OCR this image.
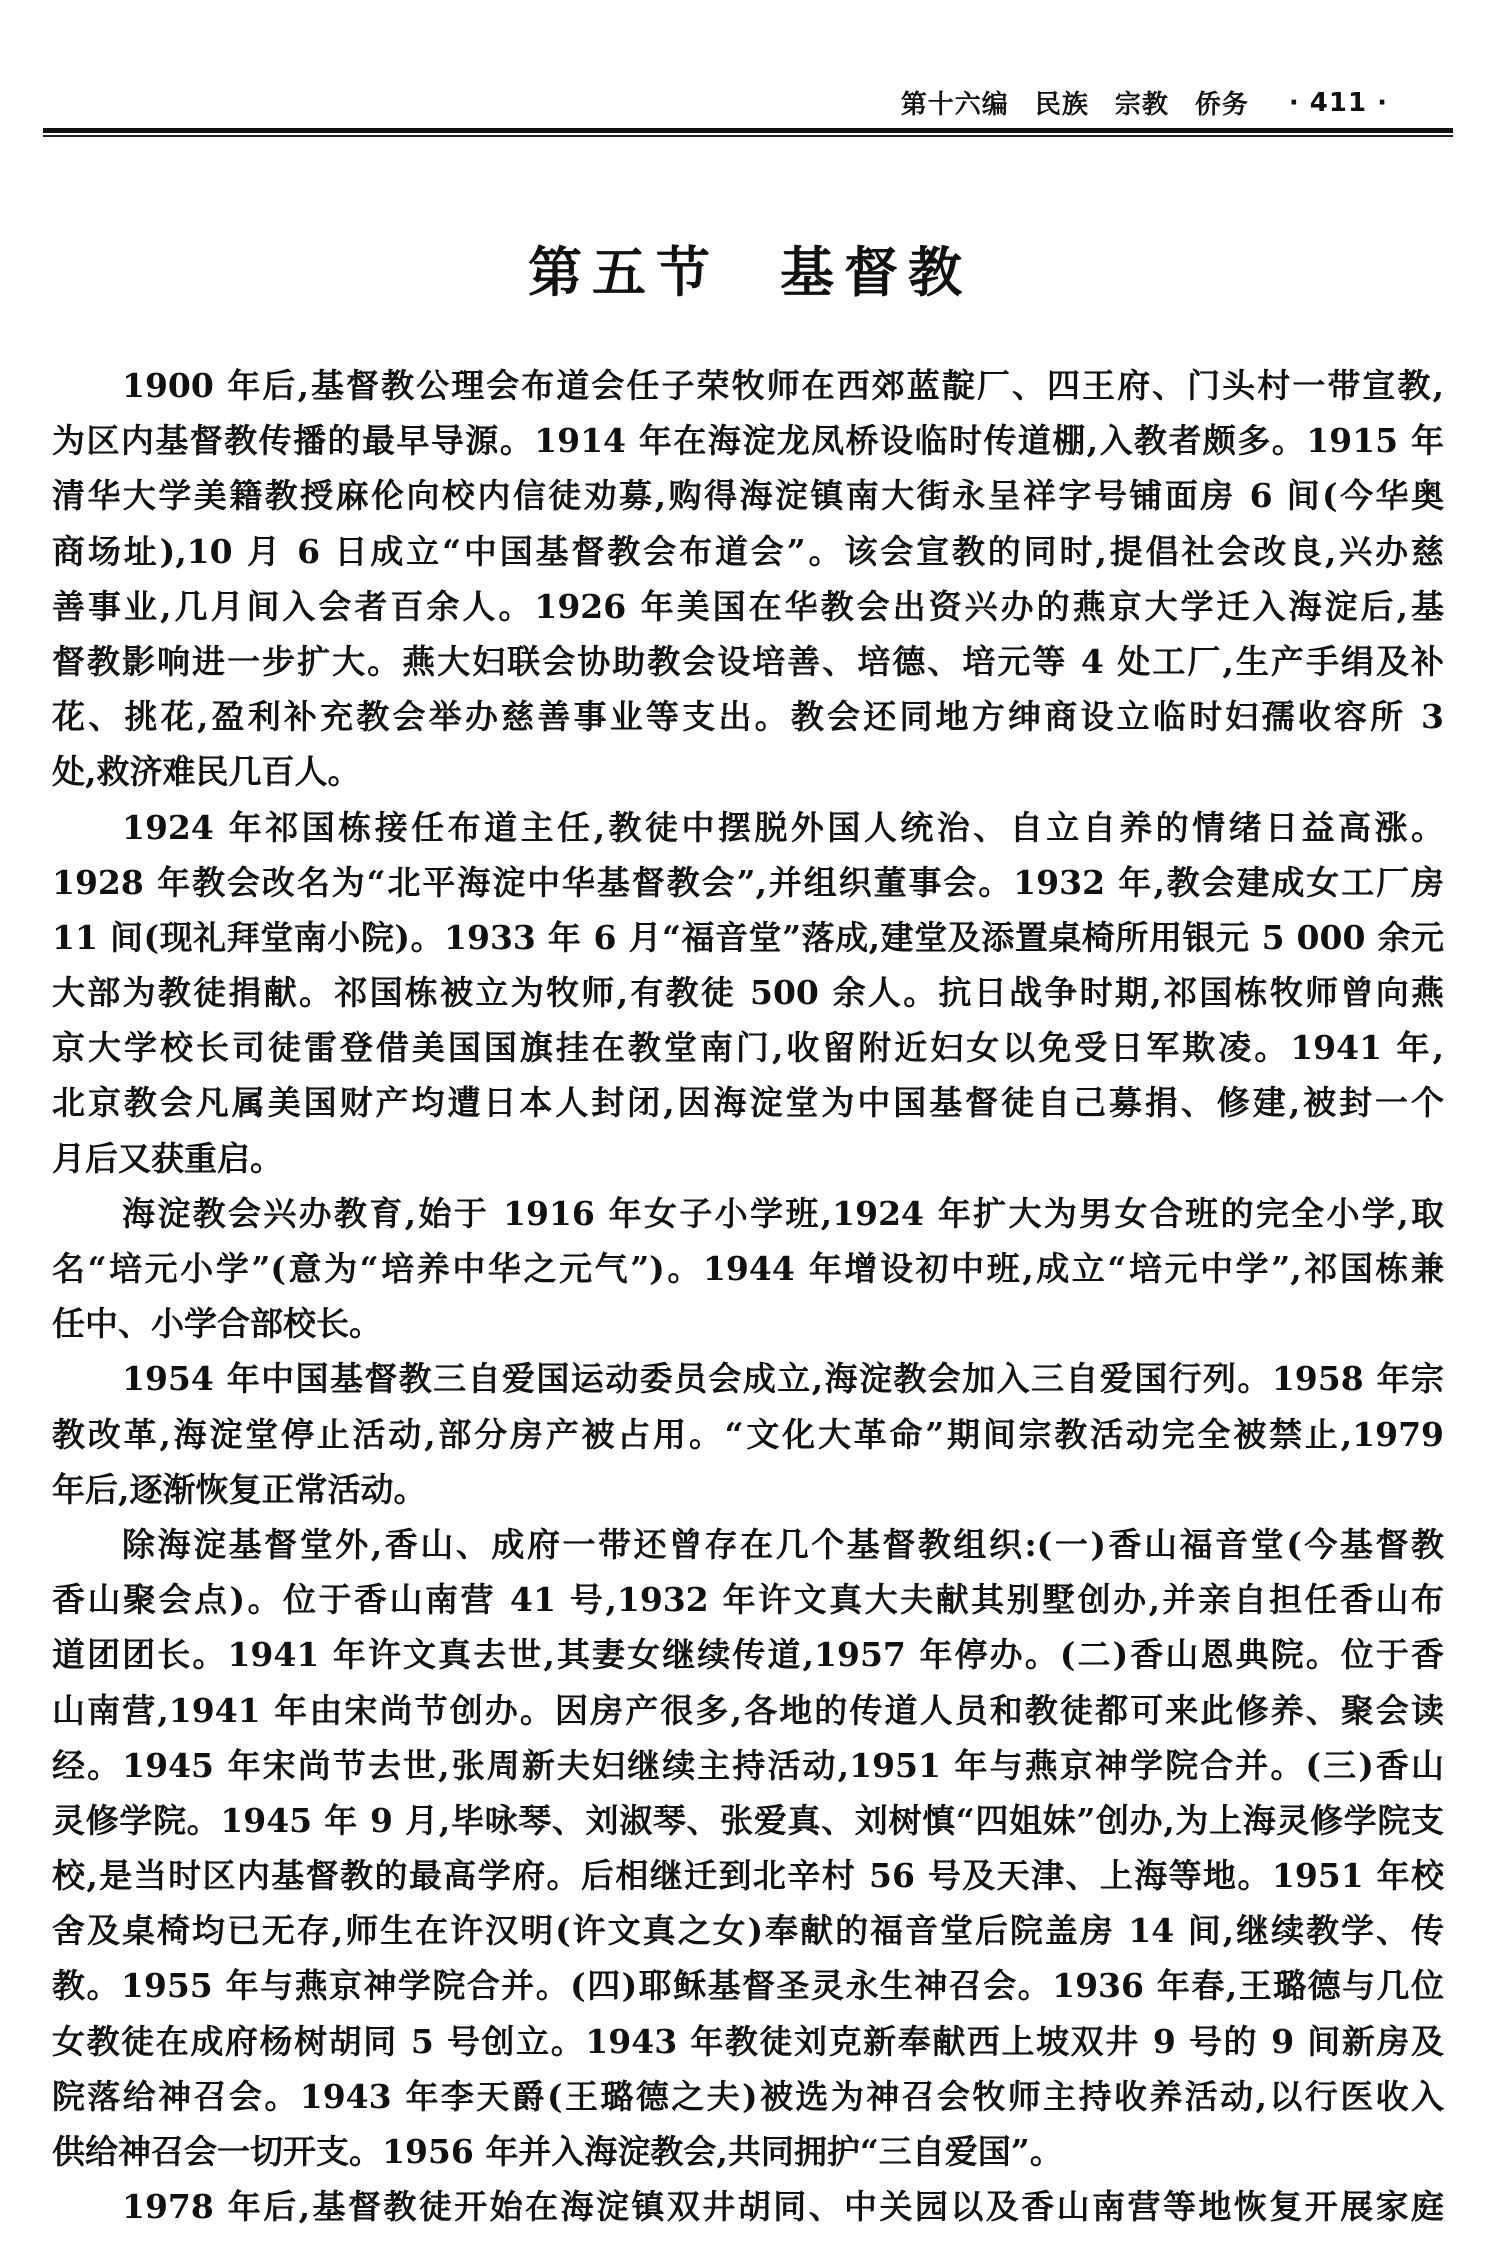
第十六编 民族 宗教 侨务 · 411 ·
第五节 基督教
1900 年后,基督教公理会布道会任子荣牧师在西郊蓝靛厂、四王府、门头村一带宣教,
为区内基督教传播的最早导源。1914 年在海淀龙凤桥设临时传道棚,入教者颇多。1915 年
清华大学美籍教授麻伦向校内信徒劝募,购得海淀镇南大街永呈祥字号铺面房 6 间(今华奥
商场址),10 月 6 日成立“中国基督教会布道会”。该会宣教的同时,提倡社会改良,兴办慈
善事业,几月间入会者百余人。1926 年美国在华教会出资兴办的燕京大学迁入海淀后,基
督教影响进一步扩大。燕大妇联会协助教会设培善、培德、培元等 4 处工厂,生产手绢及补
花、挑花,盈利补充教会举办慈善事业等支出。教会还同地方绅商设立临时妇孺收容所 3
处,救济难民几百人。
1924 年祁国栋接任布道主任,教徒中摆脱外国人统治、自立自养的情绪日益高涨。
1928 年教会改名为“北平海淀中华基督教会”,并组织董事会。1932 年,教会建成女工厂房
11 间(现礼拜堂南小院)。1933 年 6 月“福音堂”落成,建堂及添置桌椅所用银元 5 000 余元
大部为教徒捐献。祁国栋被立为牧师,有教徒 500 余人。抗日战争时期,祁国栋牧师曾向燕
京大学校长司徒雷登借美国国旗挂在教堂南门,收留附近妇女以免受日军欺凌。1941 年,
北京教会凡属美国财产均遭日本人封闭,因海淀堂为中国基督徒自己募捐、修建,被封一个
月后又获重启。
海淀教会兴办教育,始于 1916 年女子小学班,1924 年扩大为男女合班的完全小学,取
名“培元小学”(意为“培养中华之元气”)。1944 年增设初中班,成立“培元中学”,祁国栋兼
任中、小学合部校长。
1954 年中国基督教三自爱国运动委员会成立,海淀教会加入三自爱国行列。1958 年宗
教改革,海淀堂停止活动,部分房产被占用。“文化大革命”期间宗教活动完全被禁止,1979
年后,逐渐恢复正常活动。
除海淀基督堂外,香山、成府一带还曾存在几个基督教组织:(一)香山福音堂(今基督教
香山聚会点)。位于香山南营 41 号,1932 年许文真大夫献其别墅创办,并亲自担任香山布
道团团长。1941 年许文真去世,其妻女继续传道,1957 年停办。(二)香山恩典院。位于香
山南营,1941 年由宋尚节创办。因房产很多,各地的传道人员和教徒都可来此修养、聚会读
经。1945 年宋尚节去世,张周新夫妇继续主持活动,1951 年与燕京神学院合并。(三)香山
灵修学院。1945 年 9 月,毕咏琴、刘淑琴、张爱真、刘树慎“四姐妹”创办,为上海灵修学院支
校,是当时区内基督教的最高学府。后相继迁到北辛村 56 号及天津、上海等地。1951 年校
舍及桌椅均已无存,师生在许汉明(许文真之女)奉献的福音堂后院盖房 14 间,继续教学、传
教。1955 年与燕京神学院合并。(四)耶稣基督圣灵永生神召会。1936 年春,王璐德与几位
女教徒在成府杨树胡同 5 号创立。1943 年教徒刘克新奉献西上坡双井 9 号的 9 间新房及
院落给神召会。1943 年李天爵(王璐德之夫)被选为神召会牧师主持收养活动,以行医收入
供给神召会一切开支。1956 年并入海淀教会,共同拥护“三自爱国”。
1978 年后,基督教徒开始在海淀镇双井胡同、中关园以及香山南营等地恢复开展家庭
